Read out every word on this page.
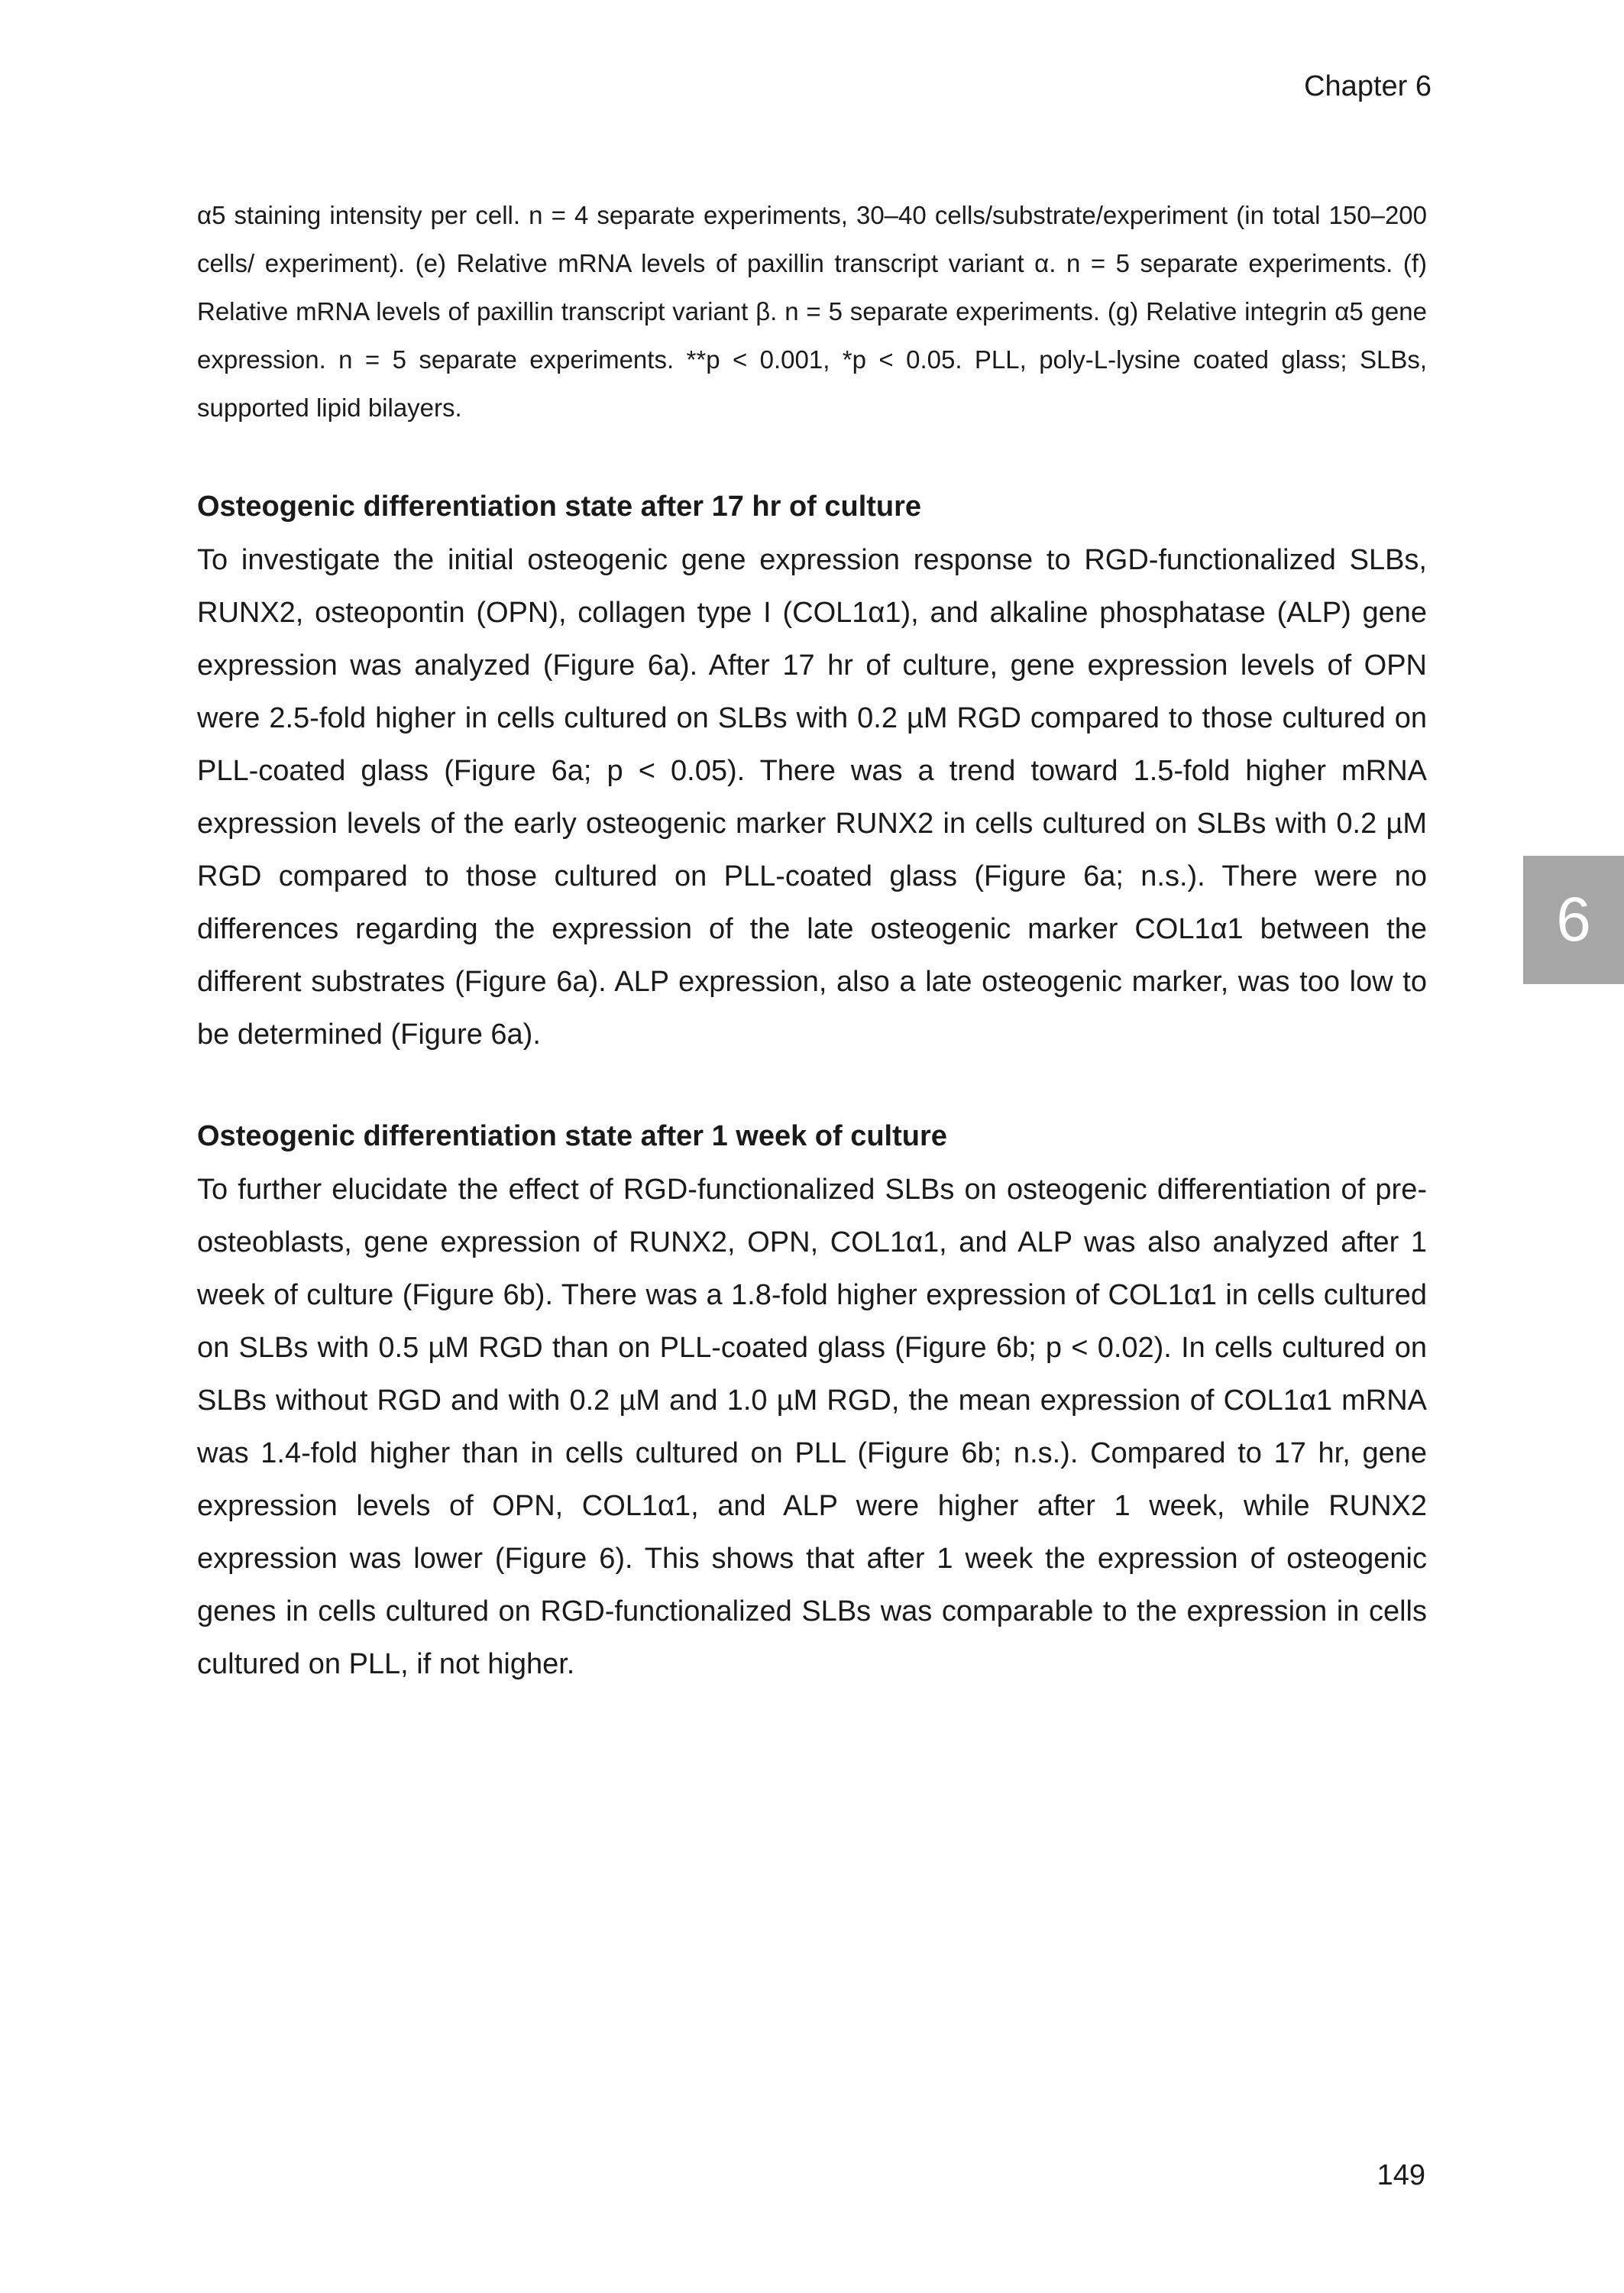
Chapter 6
6

α5 staining intensity per cell. n = 4 separate experiments, 30–40 cells/substrate/experiment (in total 150–200 cells/ experiment). (e) Relative mRNA levels of paxillin transcript variant α. n = 5 separate experiments. (f) Relative mRNA levels of paxillin transcript variant β. n = 5 separate experiments. (g) Relative integrin α5 gene expression. n = 5 separate experiments. **p < 0.001, *p < 0.05. PLL, poly-L-lysine coated glass; SLBs, supported lipid bilayers.

Osteogenic differentiation state after 17 hr of culture

To investigate the initial osteogenic gene expression response to RGD-functionalized SLBs, RUNX2, osteopontin (OPN), collagen type I (COL1α1), and alkaline phosphatase (ALP) gene expression was analyzed (Figure 6a). After 17 hr of culture, gene expression levels of OPN were 2.5-fold higher in cells cultured on SLBs with 0.2 µM RGD compared to those cultured on PLL-coated glass (Figure 6a; p < 0.05). There was a trend toward 1.5-fold higher mRNA expression levels of the early osteogenic marker RUNX2 in cells cultured on SLBs with 0.2 µM RGD compared to those cultured on PLL-coated glass (Figure 6a; n.s.). There were no differences regarding the expression of the late osteogenic marker COL1α1 between the different substrates (Figure 6a). ALP expression, also a late osteogenic marker, was too low to be determined (Figure 6a).

Osteogenic differentiation state after 1 week of culture

To further elucidate the effect of RGD-functionalized SLBs on osteogenic differentiation of pre-osteoblasts, gene expression of RUNX2, OPN, COL1α1, and ALP was also analyzed after 1 week of culture (Figure 6b). There was a 1.8-fold higher expression of COL1α1 in cells cultured on SLBs with 0.5 µM RGD than on PLL-coated glass (Figure 6b; p < 0.02). In cells cultured on SLBs without RGD and with 0.2 µM and 1.0 µM RGD, the mean expression of COL1α1 mRNA was 1.4-fold higher than in cells cultured on PLL (Figure 6b; n.s.). Compared to 17 hr, gene expression levels of OPN, COL1α1, and ALP were higher after 1 week, while RUNX2 expression was lower (Figure 6). This shows that after 1 week the expression of osteogenic genes in cells cultured on RGD-functionalized SLBs was comparable to the expression in cells cultured on PLL, if not higher.

149
